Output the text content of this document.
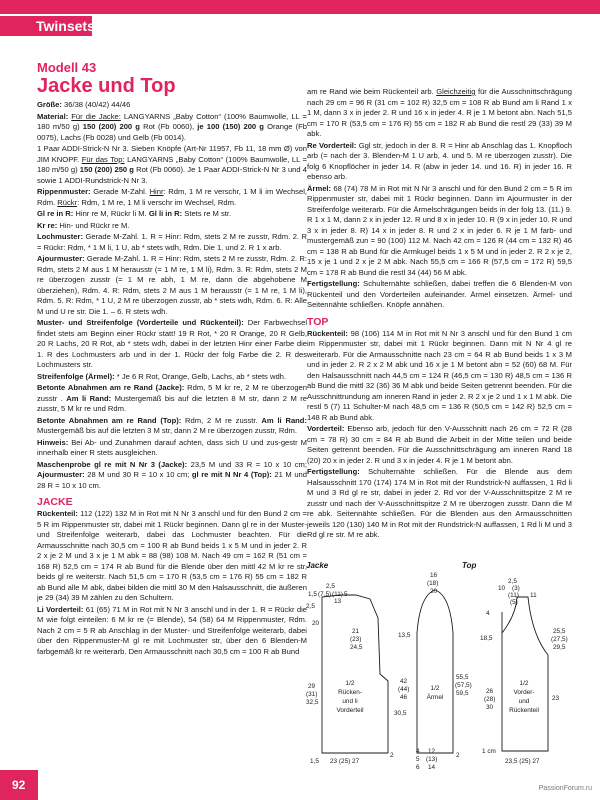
Twinsets
Modell 43
Jacke und Top

Größe: 36/38 (40/42) 44/46

Material: Für die Jacke: LANGYARNS „Baby Cotton“ (100% Baumwolle, LL = 180 m/50 g) 150 (200) 200 g Rot (Fb 0060), je 100 (150) 200 g Orange (Fb 0075), Lachs (Fb 0028) und Gelb (Fb 0014).

1 Paar ADDI-Strick-N Nr 3. Sieben Knöpfe (Art-Nr 11957, Fb 11, 18 mm Ø) von JIM KNOPF. Für das Top: LANGYARNS „Baby Cotton“ (100% Baumwolle, LL = 180 m/50 g) 150 (200) 250 g Rot (Fb 0060). Je 1 Paar ADDI-Strick-N Nr 3 und 4 sowie 1 ADDI-Rundstrick-N Nr 3.

Rippenmuster: Gerade M-Zahl. Hinr: Rdm, 1 M re verschr, 1 M li im Wechsel, Rdm. Rückr: Rdm, 1 M re, 1 M li verschr im Wechsel, Rdm.

Gl re in R: Hinr re M, Rückr li M. Gl li in R: Stets re M str.

Kr re: Hin- und Rückr re M.

Lochmuster: Gerade M-Zahl. 1. R = Hinr: Rdm, stets 2 M re zusstr, Rdm. 2. R = Rückr: Rdm, * 1 M li, 1 U, ab * stets wdh, Rdm. Die 1. und 2. R 1 x arb.

Ajourmuster: Gerade M-Zahl. 1. R = Hinr: Rdm, stets 2 M re zusstr, Rdm. 2. R: Rdm, stets 2 M aus 1 M herausstr (= 1 M re, 1 M li), Rdm. 3. R: Rdm, stets 2 M re überzogen zusstr (= 1 M re abh, 1 M re, dann die abgehobene M überziehen), Rdm. 4. R: Rdm, stets 2 M aus 1 M herausstr (= 1 M re, 1 M li), Rdm. 5. R: Rdm, * 1 U, 2 M re überzogen zusstr, ab * stets wdh, Rdm. 6. R: Alle M und U re str. Die 1. – 6. R stets wdh.

Muster- und Streifenfolge (Vorderteile und Rückenteil): Der Farbwechsel findet stets am Beginn einer Rückr statt! 19 R Rot, * 20 R Orange, 20 R Gelb, 20 R Lachs, 20 R Rot, ab * stets wdh, dabei in der letzten Hinr einer Farbe die 1. R des Lochmusters arb und in der 1. Rückr der folg Farbe die 2. R des Lochmusters str.

Streifenfolge (Ärmel): * Je 6 R Rot, Orange, Gelb, Lachs, ab * stets wdh.

Betonte Abnahmen am re Rand (Jacke): Rdm, 5 M kr re, 2 M re überzogen zusstr . Am li Rand: Mustergemäß bis auf die letzten 8 M str, dann 2 M re zusstr, 5 M kr re und Rdm.

Betonte Abnahmen am re Rand (Top): Rdm, 2 M re zusstr. Am li Rand: Mustergemäß bis auf die letzten 3 M str, dann 2 M re überzogen zusstr, Rdm.

Hinweis: Bei Ab- und Zunahmen darauf achten, dass sich U und zus-gestr M innerhalb einer R stets ausgleichen.

Maschenprobe gl re mit N Nr 3 (Jacke): 23,5 M und 33 R = 10 x 10 cm; Ajourmuster: 28 M und 30 R = 10 x 10 cm; gl re mit N Nr 4 (Top): 21 M und 28 R = 10 x 10 cm.

JACKE

Rückenteil: 112 (122) 132 M in Rot mit N Nr 3 anschl und für den Bund 2 cm = 5 R im Rippenmuster str, dabei mit 1 Rückr beginnen. Dann gl re in der Muster- und Streifenfolge weiterarb, dabei das Lochmuster beachten. Für die Armausschnitte nach 30,5 cm = 100 R ab Bund beids 1 x 5 M und in jeder 2. R 2 x je 2 M und 3 x je 1 M abk = 88 (98) 108 M. Nach 49 cm = 162 R (51 cm = 168 R) 52,5 cm = 174 R ab Bund für die Blende über den mittl 42 M kr re str, beids gl re weiterstr. Nach 51,5 cm = 170 R (53,5 cm = 176 R) 55 cm = 182 R ab Bund alle M abk, dabei bilden die mittl 30 M den Halsausschnitt, die äußeren je 29 (34) 39 M zählen zu den Schultern.

Li Vorderteil: 61 (65) 71 M in Rot mit N Nr 3 anschl und in der 1. R = Rückr die M wie folgt einteilen: 6 M kr re (= Blende), 54 (58) 64 M Rippenmuster, Rdm. Nach 2 cm = 5 R ab Anschlag in der Muster- und Streifenfolge weiterarb, dabei über den Rippenmuster-M gl re mit Lochmuster str, über den 6 Blenden-M farbgemäß kr re weiterarb. Den Armausschnitt nach 30,5 cm = 100 R ab Bund

am re Rand wie beim Rückenteil arb. Gleichzeitig für die Ausschnittschrägung nach 29 cm = 96 R (31 cm = 102 R) 32,5 cm = 108 R ab Bund am li Rand 1 x 1 M, dann 3 x in jeder 2. R und 16 x in jeder 4. R je 1 M betont abn. Nach 51,5 cm = 170 R (53,5 cm = 176 R) 55 cm = 182 R ab Bund die restl 29 (33) 39 M abk.

Re Vorderteil: Ggl str, jedoch in der 8. R = Hinr ab Anschlag das 1. Knopfloch arb (= nach der 3. Blenden-M 1 U arb, 4. und 5. M re überzogen zusstr). Die folg 6 Knopflöcher in jeder 14. R (abw in jeder 14. und 16. R) in jeder 16. R ebenso arb.

Ärmel: 68 (74) 78 M in Rot mit N Nr 3 anschl und für den Bund 2 cm = 5 R im Rippenmuster str, dabei mit 1 Rückr beginnen. Dann im Ajourmuster in der Streifenfolge weiterarb. Für die Ärmelschrägungen beids in der folg 13. (11.) 9. R 1 x 1 M, dann 2 x in jeder 12. R und 8 x in jeder 10. R (9 x in jeder 10. R und 3 x in jeder 8. R) 14 x in jeder 8. R und 2 x in jeder 6. R je 1 M farb- und mustergemäß zun = 90 (100) 112 M. Nach 42 cm = 126 R (44 cm = 132 R) 46 cm = 138 R ab Bund für die Armkugel beids 1 x 5 M und in jeder 2. R 2 x je 2, 15 x je 1 und 2 x je 2 M abk. Nach 55,5 cm = 166 R (57,5 cm = 172 R) 59,5 cm = 178 R ab Bund die restl 34 (44) 56 M abk.

Fertigstellung: Schulternähte schließen, dabei treffen die 6 Blenden-M von Rückenteil und den Vorderteilen aufeinander. Ärmel einsetzen. Ärmel- und Seitennähte schließen. Knöpfe annähen.

TOP

Rückenteil: 98 (106) 114 M in Rot mit N Nr 3 anschl und für den Bund 1 cm im Rippenmuster str, dabei mit 1 Rückr beginnen. Dann mit N Nr 4 gl re weiterarb. Für die Armausschnitte nach 23 cm = 64 R ab Bund beids 1 x 3 M und in jeder 2. R 2 x 2 M abk und 16 x je 1 M betont abn = 52 (60) 68 M. Für den Halsausschnitt nach 44,5 cm = 124 R (46,5 cm = 130 R) 48,5 cm = 136 R ab Bund die mittl 32 (36) 36 M abk und beide Seiten getrennt beenden. Für die Ausschnittrundung am inneren Rand in jeder 2. R 2 x je 2 und 1 x 1 M abk. Die restl 5 (7) 11 Schulter-M nach 48,5 cm = 136 R (50,5 cm = 142 R) 52,5 cm = 148 R ab Bund abk.

Vorderteil: Ebenso arb, jedoch für den V-Ausschnitt nach 26 cm = 72 R (28 cm = 78 R) 30 cm = 84 R ab Bund die Arbeit in der Mitte teilen und beide Seiten getrennt beenden. Für die Ausschnittschrägung am inneren Rand 18 (20) 20 x in jeder 2. R und 3 x in jeder 4. R je 1 M betont abn.

Fertigstellung: Schulternähte schließen. Für die Blende aus dem Halsausschnitt 170 (174) 174 M in Rot mit der Rundstrick-N auffassen, 1 Rd li M und 3 Rd gl re str, dabei in jeder 2. Rd vor der V-Ausschnittspitze 2 M re zusstr und nach der V-Ausschnittspitze 2 M re überzogen zusstr. Dann die M re abk. Seitennähte schließen. Für die Blenden aus den Armausschnitten jeweils 120 (130) 140 M in Rot mit der Rundstrick-N auffassen, 1 Rd li M und 3 Rd gl re str. M re abk.

Jacke	Top
2,5
1,5 (7,5) (11) 5
13
2,5
20
21
(23)
24,5
29
(31)
32,5
30,5
1,5 23 (25) 27
2
13,5
1/2
Rücken-
und li
Vorderteil
1/2
Ärmel
1/2
Vorder-
und
Rückenteil
16
(18)
20
42
(44)
46
55,5
(57,5)
59,5
4
5
6
12
(13)
14
2
2,5
10 (3)
(11) 11
(5)
4
18,5
25,5
(27,5)
29,5
26
(28)
30
23
1 cm
23,5 (25) 27
92	PassionForum.ru
